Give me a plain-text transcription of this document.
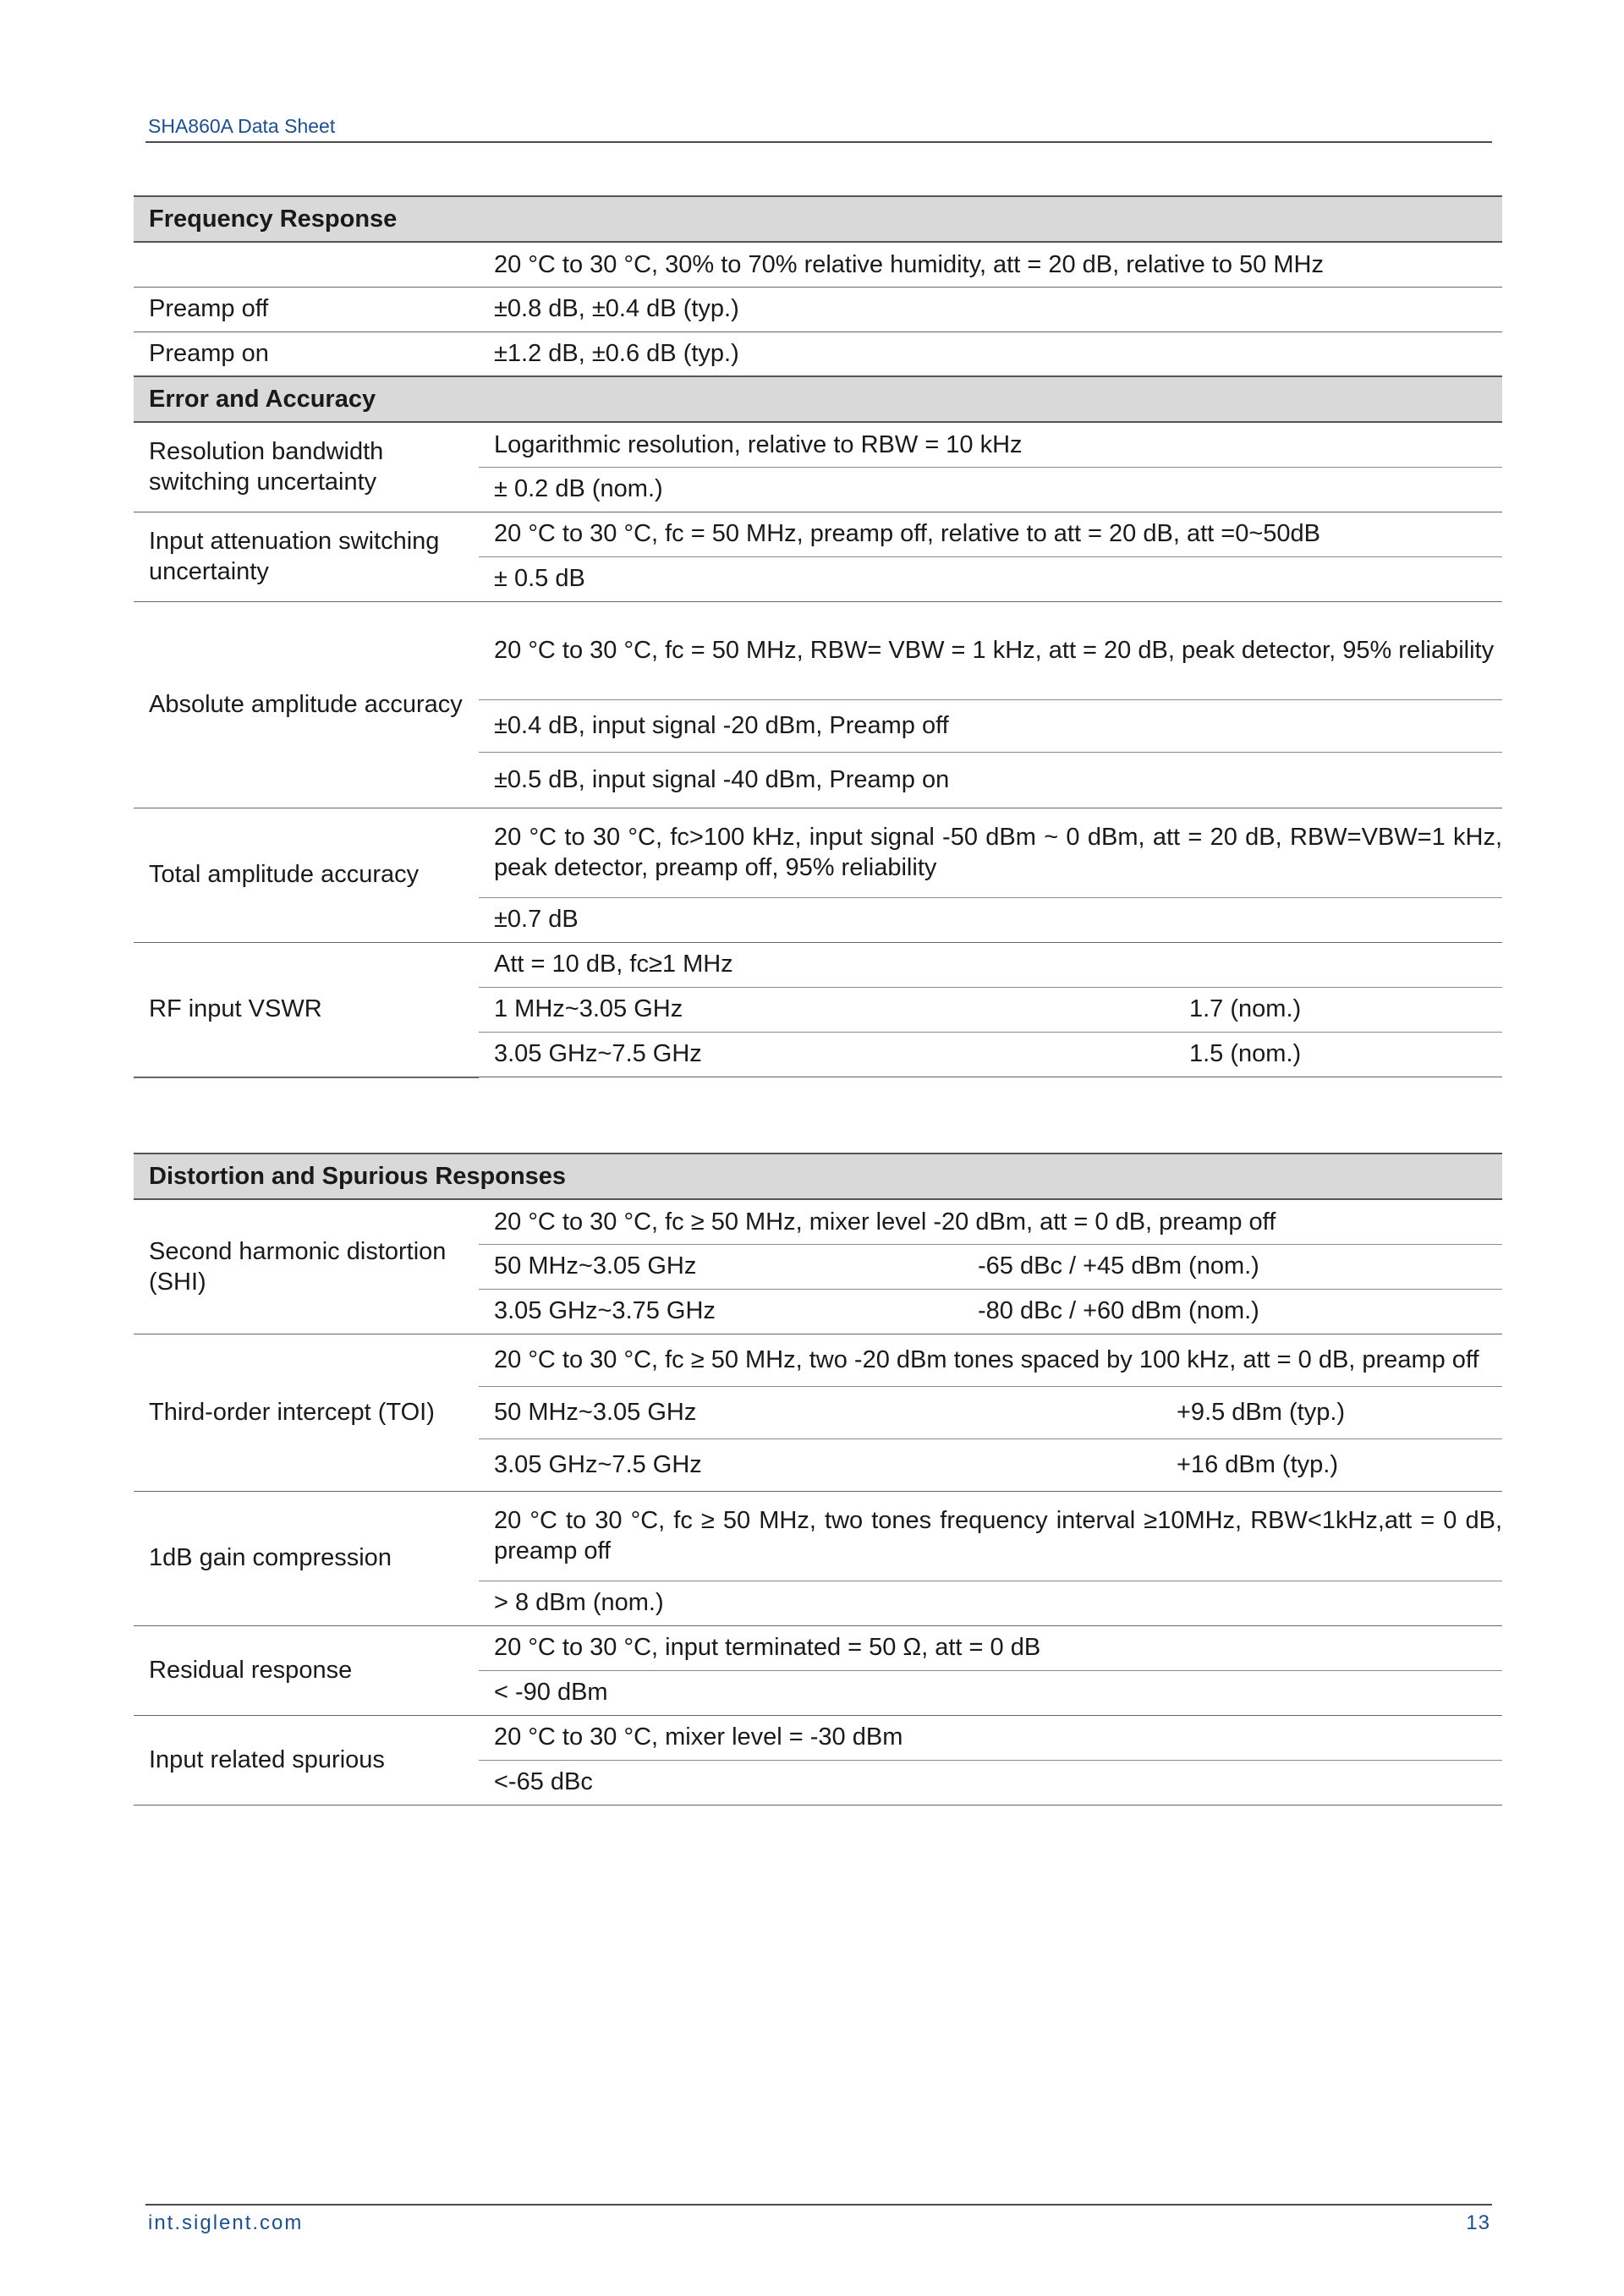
SHA860A Data Sheet
Frequency Response		
	20 °C to 30 °C, 30% to 70% relative humidity, att = 20 dB, relative to 50 MHz	
Preamp off	±0.8 dB, ±0.4 dB (typ.)	
Preamp on	±1.2 dB, ±0.6 dB (typ.)	
Error and Accuracy		
Resolution bandwidth switching uncertainty	Logarithmic resolution, relative to RBW = 10 kHz	
	± 0.2 dB (nom.)	
Input attenuation switching uncertainty	20 °C to 30 °C, fc = 50 MHz, preamp off, relative to att = 20 dB, att =0~50dB	
	± 0.5 dB	
Absolute amplitude accuracy	20 °C to 30 °C, fc = 50 MHz, RBW= VBW = 1 kHz, att = 20 dB, peak detector, 95% reliability	
	±0.4 dB, input signal -20 dBm, Preamp off	
	±0.5 dB, input signal -40 dBm, Preamp on	
Total amplitude accuracy	20 °C to 30 °C, fc>100 kHz, input signal -50 dBm ~ 0 dBm, att = 20 dB, RBW=VBW=1 kHz, peak detector, preamp off, 95% reliability	
	±0.7 dB	
RF input VSWR	Att = 10 dB, fc≥1 MHz	
	1 MHz~3.05 GHz	1.7 (nom.)
	3.05 GHz~7.5 GHz	1.5 (nom.)

Distortion and Spurious Responses		
Second harmonic distortion (SHI)	20 °C to 30 °C, fc ≥ 50 MHz, mixer level -20 dBm, att = 0 dB, preamp off	
	50 MHz~3.05 GHz	-65 dBc / +45 dBm (nom.)
	3.05 GHz~3.75 GHz	-80 dBc / +60 dBm (nom.)
Third-order intercept (TOI)	20 °C to 30 °C, fc ≥ 50 MHz, two -20 dBm tones spaced by 100 kHz, att = 0 dB, preamp off	
	50 MHz~3.05 GHz	+9.5 dBm (typ.)
	3.05 GHz~7.5 GHz	+16 dBm (typ.)
1dB gain compression	20 °C to 30 °C, fc ≥ 50 MHz, two tones frequency interval ≥10MHz, RBW<1kHz,att = 0 dB, preamp off	
	> 8 dBm (nom.)	
Residual response	20 °C to 30 °C, input terminated = 50 Ω, att = 0 dB	
	< -90 dBm	
Input related spurious	20 °C to 30 °C, mixer level = -30 dBm	
	<-65 dBc	
int.siglent.com	13
